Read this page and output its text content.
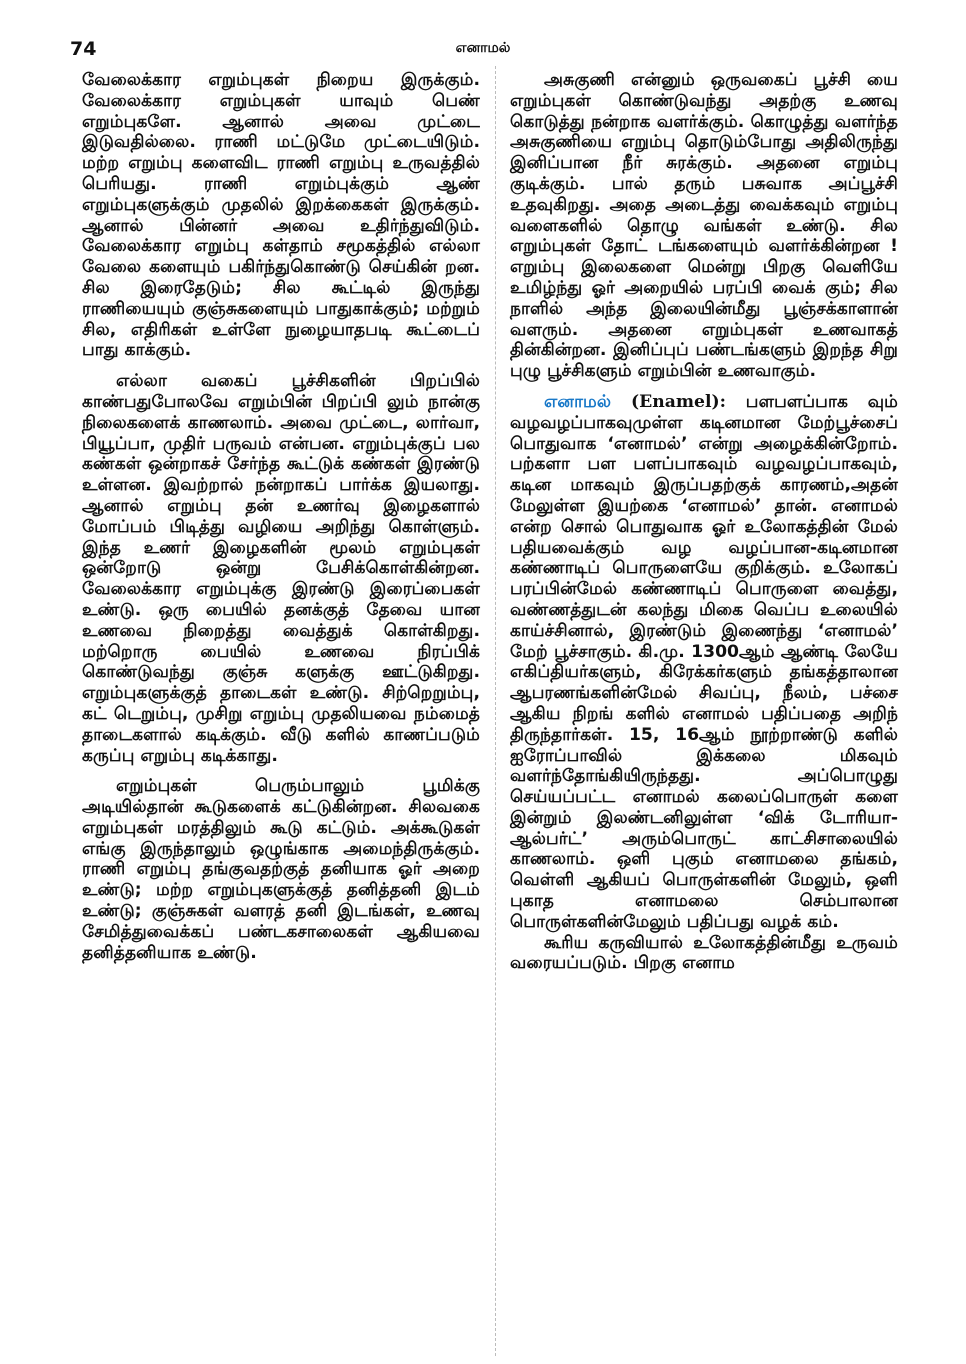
74	எனாமல்

வேலைக்கார எறும்புகள் நிறைய இருக்கும். வேலைக்கார எறும்புகள் யாவும் பெண் எறும்புகளே. ஆனால் அவை முட்டை இடுவதில்லை. ராணி மட்டுமே முட்டையிடும். மற்ற எறும்பு களைவிட ராணி எறும்பு உருவத்தில் பெரியது. ராணி எறும்புக்கும் ஆண் எறும்புகளுக்கும் முதலில் இறக்கைகள் இருக்கும். ஆனால் பின்னர் அவை உதிர்ந்துவிடும். வேலைக்கார எறும்பு கள்தாம் சமூகத்தில் எல்லா வேலை களையும் பகிர்ந்துகொண்டு செய்கின் றன. சில இரைதேடும்; சில கூட்டில் இருந்து ராணியையும் குஞ்சுகளையும் பாதுகாக்கும்; மற்றும் சில, எதிரிகள் உள்ளே நுழையாதபடி கூட்டைப் பாது காக்கும்.

எல்லா வகைப் பூச்சிகளின் பிறப்பில் காண்பதுபோலவே எறும்பின் பிறப்பி லும் நான்கு நிலைகளைக் காணலாம். அவை முட்டை, லார்வா, பியூப்பா, முதிர் பருவம் என்பன. எறும்புக்குப் பல கண்கள் ஒன்றாகச் சேர்ந்த கூட்டுக் கண்கள் இரண்டு உள்ளன. இவற்றால் நன்றாகப் பார்க்க இயலாது. ஆனால் எறும்பு தன் உணர்வு இழைகளால் மோப்பம் பிடித்து வழியை அறிந்து கொள்ளும். இந்த உணர் இழைகளின் மூலம் எறும்புகள் ஒன்றோடு ஒன்று பேசிக்கொள்கின்றன. வேலைக்கார எறும்புக்கு இரண்டு இரைப்பைகள் உண்டு. ஒரு பையில் தனக்குத் தேவை யான உணவை நிறைத்து வைத்துக் கொள்கிறது. மற்றொரு பையில் உணவை நிரப்பிக் கொண்டுவந்து குஞ்சு களுக்கு ஊட்டுகிறது. எறும்புகளுக்குத் தாடைகள் உண்டு. சிற்றெறும்பு, கட் டெறும்பு, முசிறு எறும்பு முதலியவை நம்மைத் தாடைகளால் கடிக்கும். வீடு களில் காணப்படும் கருப்பு எறும்பு கடிக்காது.

எறும்புகள் பெரும்பாலும் பூமிக்கு அடியில்தான் கூடுகளைக் கட்டுகின்றன. சிலவகை எறும்புகள் மரத்திலும் கூடு கட்டும். அக்கூடுகள் எங்கு இருந்தாலும் ஒழுங்காக அமைந்திருக்கும். ராணி எறும்பு தங்குவதற்குத் தனியாக ஓர் அறை உண்டு; மற்ற எறும்புகளுக்குத் தனித்தனி இடம் உண்டு; குஞ்சுகள் வளரத் தனி இடங்கள், உணவு சேமித்துவைக்கப் பண்டகசாலைகள் ஆகியவை தனித்தனியாக உண்டு.

அசுகுணி என்னும் ஒருவகைப் பூச்சி யை எறும்புகள் கொண்டுவந்து அதற்கு உணவு கொடுத்து நன்றாக வளர்க்கும். கொழுத்து வளர்ந்த அசுகுணியை எறும்பு தொடும்போது அதிலிருந்து இனிப்பான நீர் சுரக்கும். அதனை எறும்பு குடிக்கும். பால் தரும் பசுவாக அப்பூச்சி உதவுகிறது. அதை அடைத்து வைக்கவும் எறும்பு வளைகளில் தொழு வங்கள் உண்டு. சில எறும்புகள் தோட் டங்களையும் வளர்க்கின்றன ! எறும்பு இலைகளை மென்று பிறகு வெளியே உமிழ்ந்து ஓர் அறையில் பரப்பி வைக் கும்; சில நாளில் அந்த இலையின்மீது பூஞ்சக்காளான் வளரும். அதனை எறும்புகள் உணவாகத் தின்கின்றன. இனிப்புப் பண்டங்களும் இறந்த சிறு புழு பூச்சிகளும் எறும்பின் உணவாகும்.

எனாமல் (Enamel): பளபளப்பாக வும் வழவழப்பாகவுமுள்ள கடினமான மேற்பூச்சைப் பொதுவாக ‘எனாமல்’ என்று அழைக்கின்றோம். பற்களா பள பளப்பாகவும் வழவழப்பாகவும், கடின மாகவும் இருப்பதற்குக் காரணம்,அதன் மேலுள்ள இயற்கை ‘எனாமல்’ தான். எனாமல் என்ற சொல் பொதுவாக ஓர் உலோகத்தின் மேல் பதியவைக்கும் வழ வழப்பான-கடினமான கண்ணாடிப் பொருளையே குறிக்கும். உலோகப் பரப்பின்மேல் கண்ணாடிப் பொருளை வைத்து, வண்ணத்துடன் கலந்து மிகை வெப்ப உலையில் காய்ச்சினால், இரண்டும் இணைந்து ‘எனாமல்’ மேற் பூச்சாகும். கி.மு. 1300ஆம் ஆண்டி லேயே எகிப்தியர்களும், கிரேக்கர்களும் தங்கத்தாலான ஆபரணங்களின்மேல் சிவப்பு, நீலம், பச்சை ஆகிய நிறங் களில் எனாமல் பதிப்பதை அறிந் திருந்தார்கள். 15, 16ஆம் நூற்றாண்டு களில் ஐரோப்பாவில் இக்கலை மிகவும் வளர்ந்தோங்கியிருந்தது. அப்பொழுது செய்யப்பட்ட எனாமல் கலைப்பொருள் களை இன்றும் இலண்டனிலுள்ள ‘விக் டோரியா-ஆல்பர்ட்’ அரும்பொருட் காட்சிசாலையில் காணலாம். ஒளி புகும் எனாமலை தங்கம், வெள்ளி ஆகியப் பொருள்களின் மேலும், ஒளி புகாத எனாமலை செம்பாலான பொருள்களின்மேலும் பதிப்பது வழக் கம்.

கூரிய கருவியால் உலோகத்தின்மீது உருவம் வரையப்படும். பிறகு எனாம
